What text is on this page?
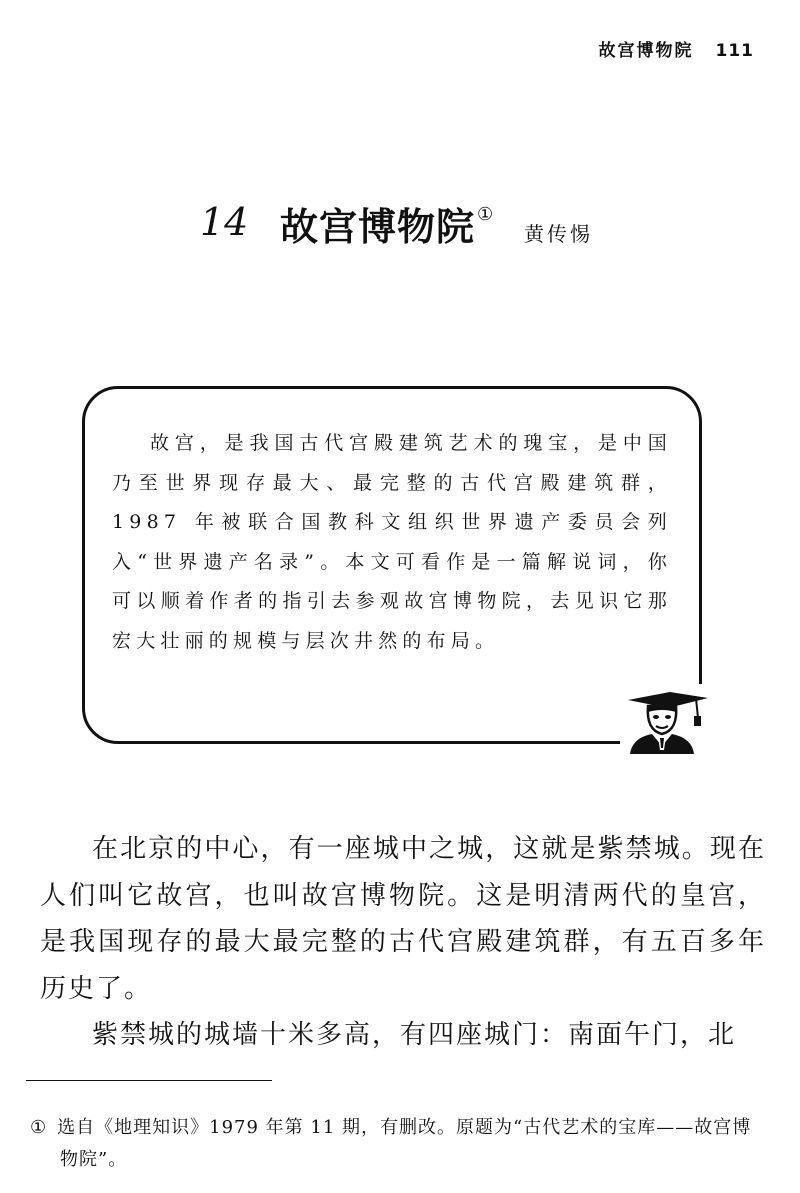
故宫博物院 111
14 故宫博物院 ①
黄传惕

故宫，是我国古代宫殿建筑艺术的瑰宝，是中国乃至世界现存最大、最完整的古代宫殿建筑群，1987 年被联合国教科文组织世界遗产委员会列入“世界遗产名录”。本文可看作是一篇解说词，你可以顺着作者的指引去参观故宫博物院，去见识它那宏大壮丽的规模与层次井然的布局。

在北京的中心，有一座城中之城，这就是紫禁城。现在人们叫它故宫，也叫故宫博物院。这是明清两代的皇宫，是我国现存的最大最完整的古代宫殿建筑群，有五百多年历史了。

紫禁城的城墙十米多高，有四座城门：南面午门，北

① 选自《地理知识》1979 年第 11 期，有删改。原题为“古代艺术的宝库——故宫博物院”。
